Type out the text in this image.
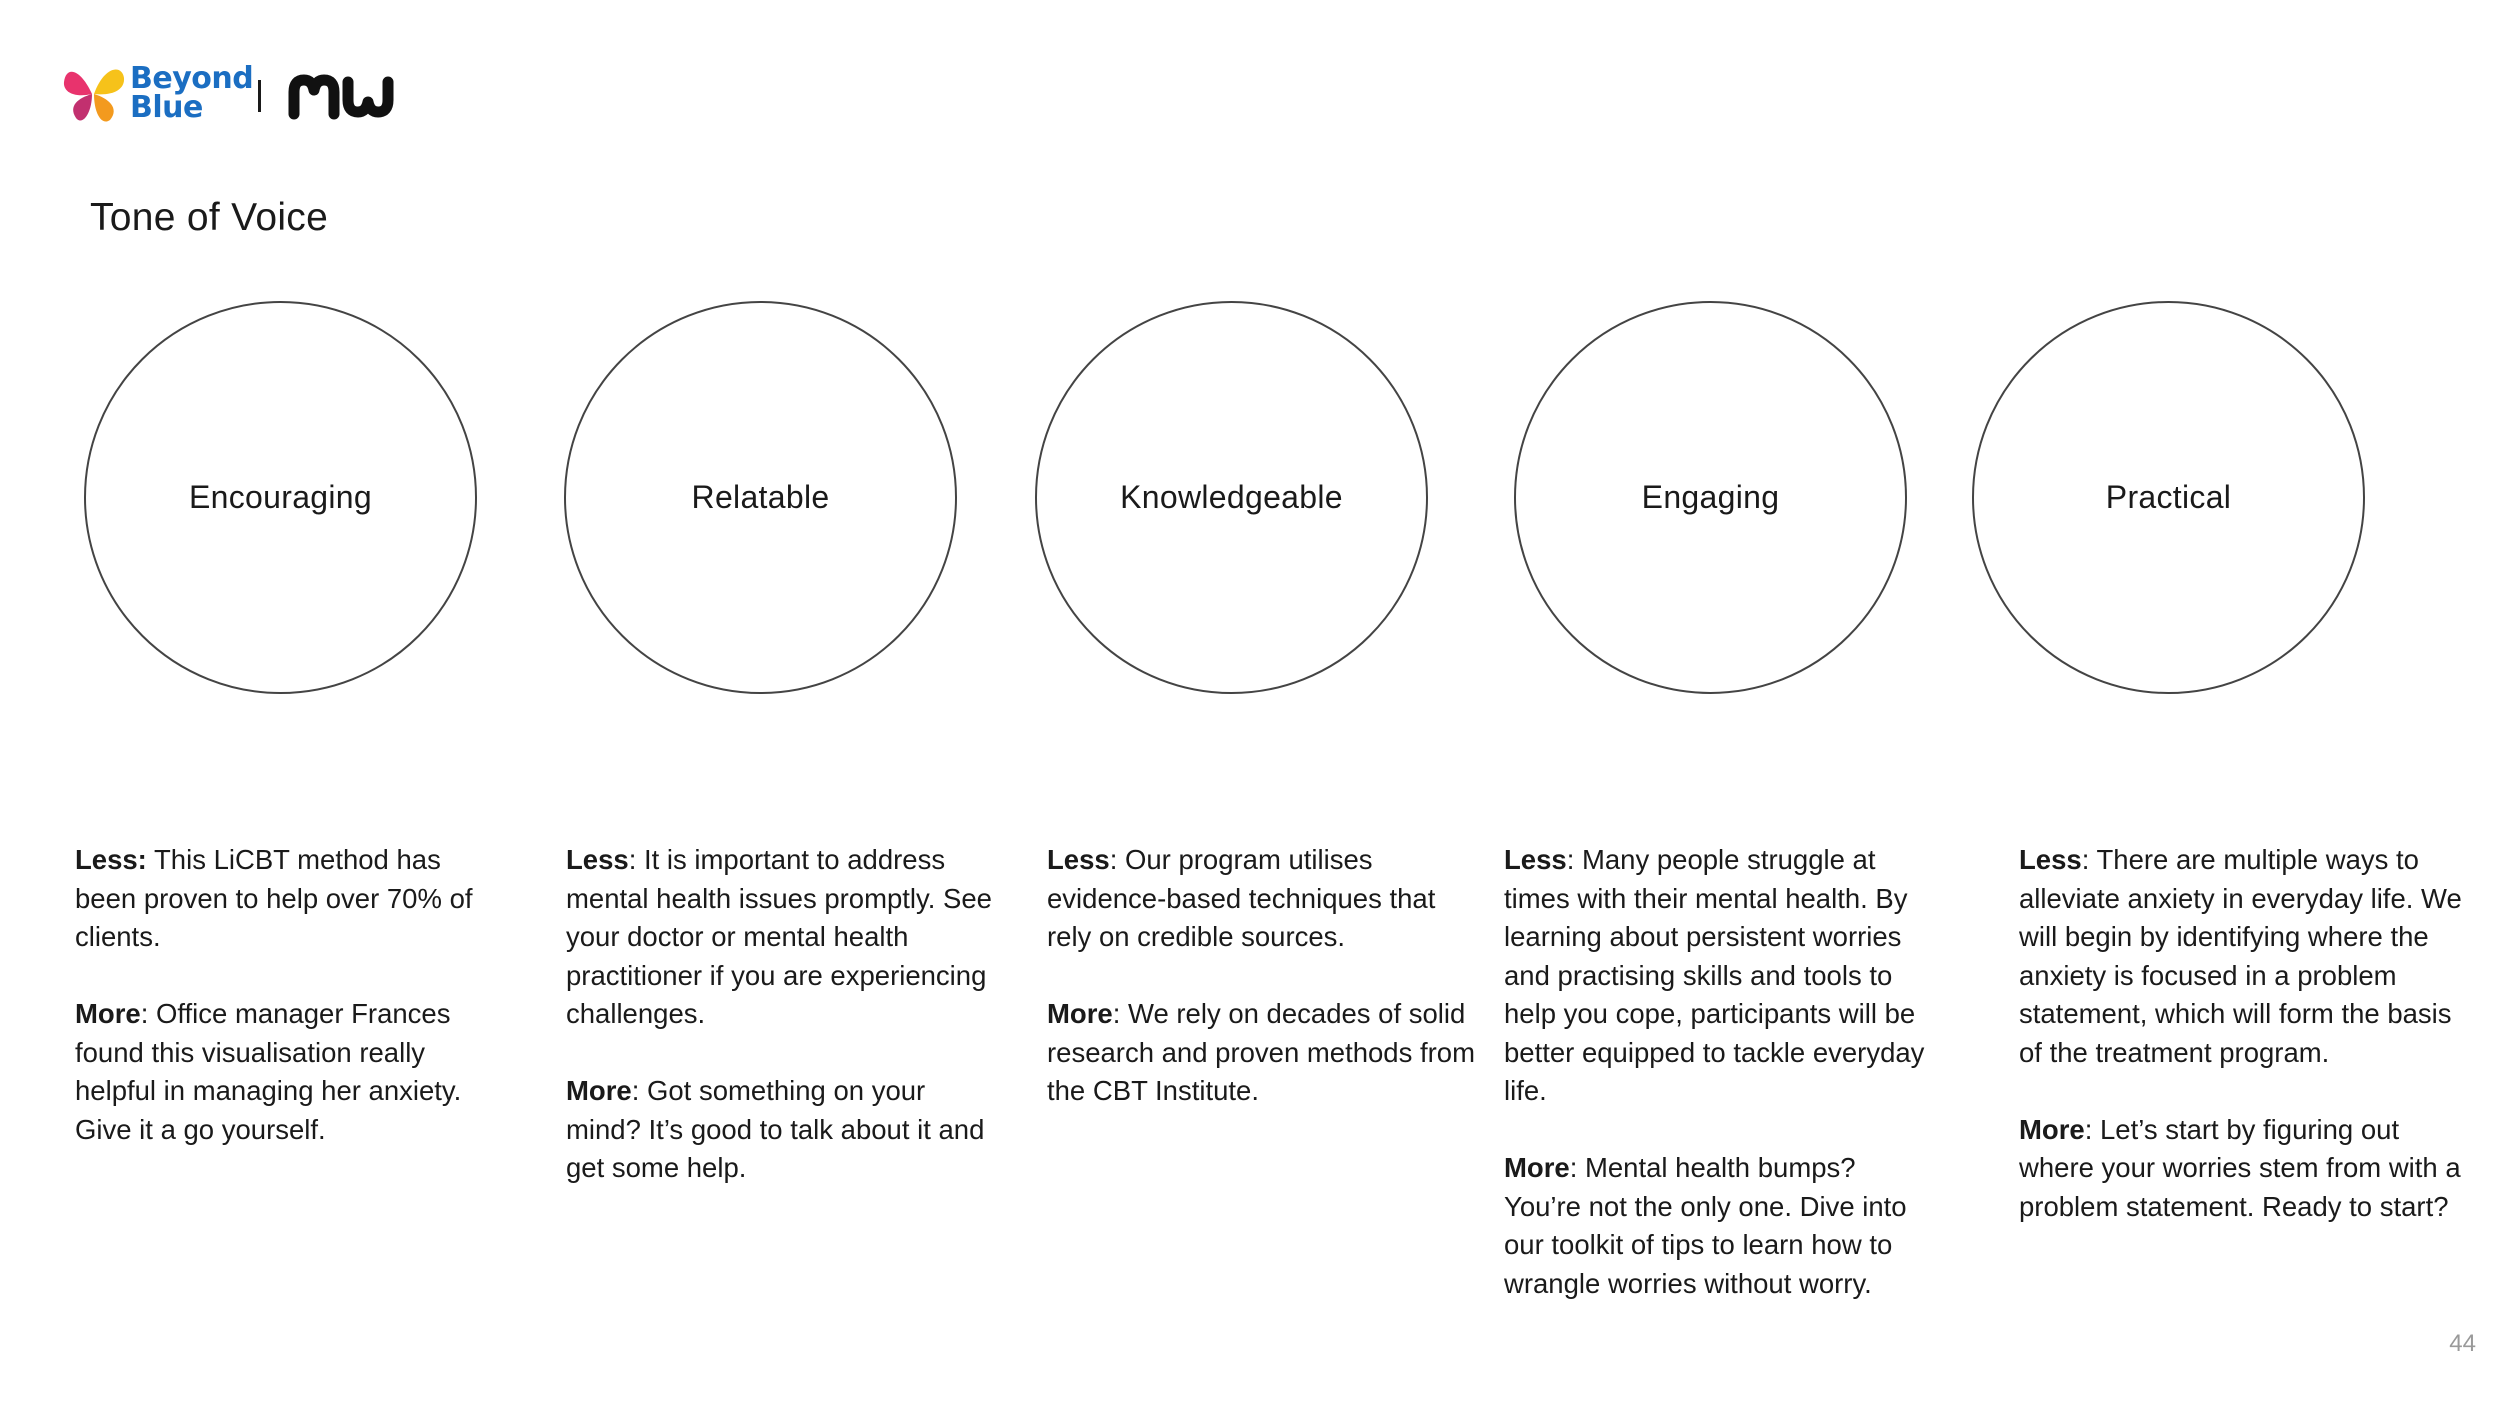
Beyond
Blue
Tone of Voice
Encouraging	Relatable	Knowledgeable	Engaging	Practical

Less: This LiCBT method has been proven to help over 70% of clients.

More: Office manager Frances found this visualisation really helpful in managing her anxiety. Give it a go yourself.

Less: It is important to address mental health issues promptly. See your doctor or mental health practitioner if you are experiencing challenges.

More: Got something on your mind? It’s good to talk about it and get some help.

Less: Our program utilises evidence-based techniques that rely on credible sources.

More: We rely on decades of solid research and proven methods from the CBT Institute.

Less: Many people struggle at times with their mental health. By learning about persistent worries and practising skills and tools to help you cope, participants will be better equipped to tackle everyday life.

More: Mental health bumps? You’re not the only one. Dive into our toolkit of tips to learn how to wrangle worries without worry.

Less: There are multiple ways to alleviate anxiety in everyday life. We will begin by identifying where the anxiety is focused in a problem statement, which will form the basis of the treatment program.

More: Let’s start by figuring out where your worries stem from with a problem statement. Ready to start?

44
